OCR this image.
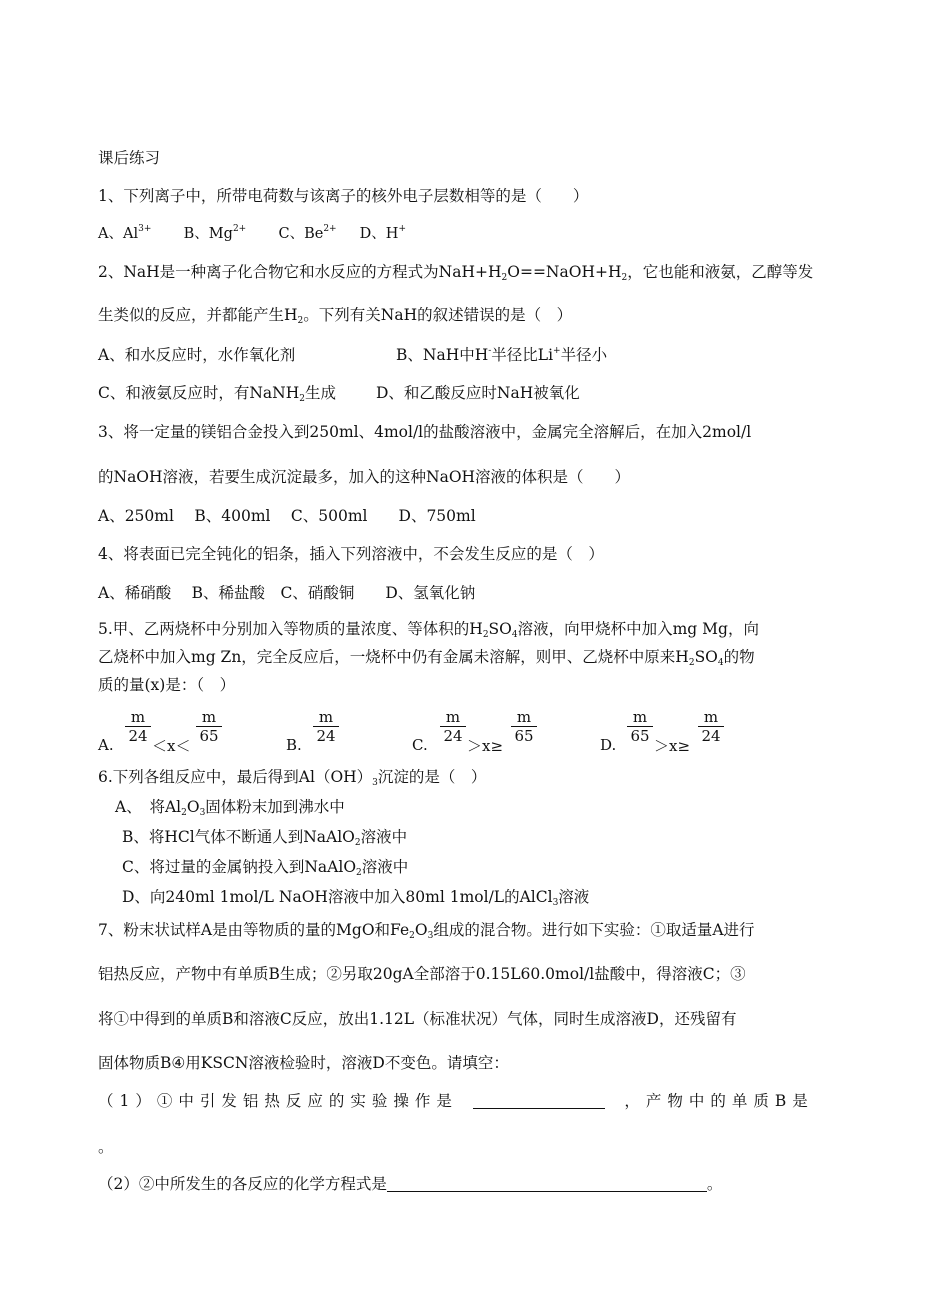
课后练习
1、下列离子中，所带电荷数与该离子的核外电子层数相等的是（　　）
A、$Al^{3+}$ B、$Mg^{2+}$ C、$Be^{2+}$ D、H+
2、NaH是一种离子化合物它和水反应的方程式为$NaH+H_2O==NaOH+H_2$，它也能和液氨，乙醇等发
生类似的反应，并都能产生$H_2$。下列有关NaH的叙述错误的是（　）
A、和水反应时，水作氧化剂	B、NaH中H-半径比Li+半径小
C、和液氨反应时，有NaNH$_2$生成	D、和乙酸反应时NaH被氧化
3、将一定量的镁铝合金投入到250ml、4mol/l的盐酸溶液中，金属完全溶解后，在加入2mol/l
的NaOH溶液，若要生成沉淀最多，加入的这种NaOH溶液的体积是（　　）
A、250ml　 B、400ml　 C、500ml　　D、750ml
4、将表面已完全钝化的铝条，插入下列溶液中，不会发生反应的是（　）
A、稀硝酸　 B、稀盐酸　C、硝酸铜　　D、氢氧化钠
5.甲、乙两烧杯中分别加入等物质的量浓度、等体积的$H_2SO_4$溶液，向甲烧杯中加入mg Mg，向
乙烧杯中加入mg Zn，完全反应后，一烧杯中仍有金属未溶解，则甲、乙烧杯中原来$H_2SO_4$的物
质的量(x)是：（　）
A. $\frac{m}{24}$
＜x＜
$\frac{m}{65}$	B. $\frac{m}{24}$	C. $\frac{m}{24}$
＞x≥
$\frac{m}{65}$	D. $\frac{m}{65}$
＞x≥
$\frac{m}{24}$
6.下列各组反应中，最后得到$Al(OH)_3$沉淀的是（　）
A、　将$Al_2O_3$固体粉末加到沸水中
B、将HCl气体不断通人到NaAlO$_2$溶液中
C、将过量的金属钠投入到NaAlO$_2$溶液中
D、向240ml 1mol/L NaOH溶液中加入80ml 1mol/L的AlCl$_3$溶液
7、粉末状试样A是由等物质的量的MgO和$Fe_2O_3$组成的混合物。进行如下实验：①取适量A进行
铝热反应，产物中有单质B生成；②另取20gA全部溶于0.15L60.0mol/l盐酸中，得溶液C；③
将①中得到的单质B和溶液C反应，放出1.12L（标准状况）气体，同时生成溶液D，还残留有
固体物质B④用KSCN溶液检验时，溶液D不变色。请填空：
（1）①中引发铝热反应的实验操作是	，产物中的单质B是
。
（2）②中所发生的各反应的化学方程式是	。
